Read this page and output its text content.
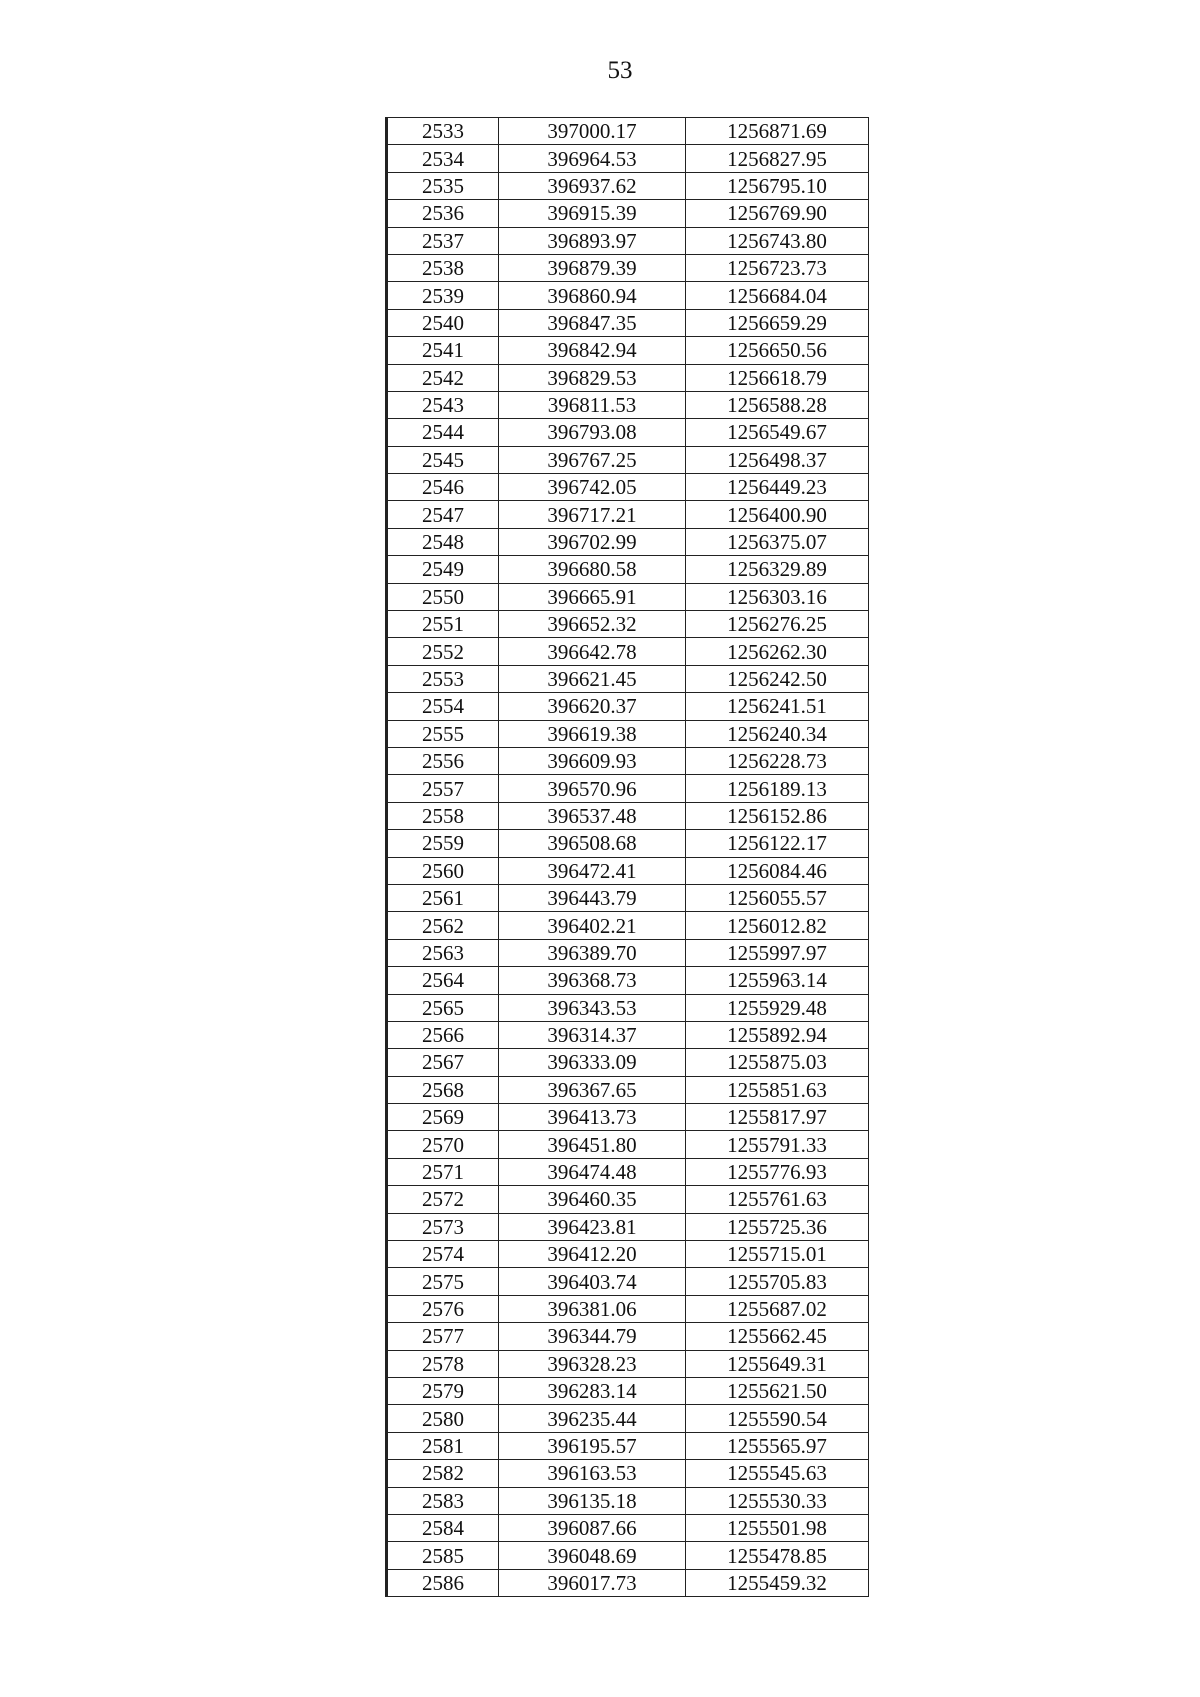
53
2533	397000.17	1256871.69
2534	396964.53	1256827.95
2535	396937.62	1256795.10
2536	396915.39	1256769.90
2537	396893.97	1256743.80
2538	396879.39	1256723.73
2539	396860.94	1256684.04
2540	396847.35	1256659.29
2541	396842.94	1256650.56
2542	396829.53	1256618.79
2543	396811.53	1256588.28
2544	396793.08	1256549.67
2545	396767.25	1256498.37
2546	396742.05	1256449.23
2547	396717.21	1256400.90
2548	396702.99	1256375.07
2549	396680.58	1256329.89
2550	396665.91	1256303.16
2551	396652.32	1256276.25
2552	396642.78	1256262.30
2553	396621.45	1256242.50
2554	396620.37	1256241.51
2555	396619.38	1256240.34
2556	396609.93	1256228.73
2557	396570.96	1256189.13
2558	396537.48	1256152.86
2559	396508.68	1256122.17
2560	396472.41	1256084.46
2561	396443.79	1256055.57
2562	396402.21	1256012.82
2563	396389.70	1255997.97
2564	396368.73	1255963.14
2565	396343.53	1255929.48
2566	396314.37	1255892.94
2567	396333.09	1255875.03
2568	396367.65	1255851.63
2569	396413.73	1255817.97
2570	396451.80	1255791.33
2571	396474.48	1255776.93
2572	396460.35	1255761.63
2573	396423.81	1255725.36
2574	396412.20	1255715.01
2575	396403.74	1255705.83
2576	396381.06	1255687.02
2577	396344.79	1255662.45
2578	396328.23	1255649.31
2579	396283.14	1255621.50
2580	396235.44	1255590.54
2581	396195.57	1255565.97
2582	396163.53	1255545.63
2583	396135.18	1255530.33
2584	396087.66	1255501.98
2585	396048.69	1255478.85
2586	396017.73	1255459.32
